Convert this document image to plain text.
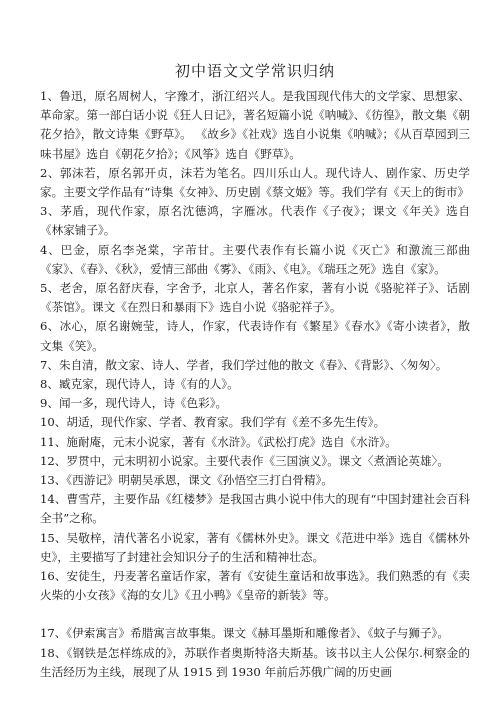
初中语文文学常识归纳

1、鲁迅，原名周树人，字豫才，浙江绍兴人。是我国现代伟大的文学家、思想家、革命家。第一部白话小说《狂人日记》，著名短篇小说《呐喊》、《彷徨》，散文集《朝花夕拾》，散文诗集《野草》。 《故乡》《社戏》选自小说集《呐喊》；《从百草园到三味书屋》选自《朝花夕拾》；《风筝》选自《野草》。

2、郭沫若，原名郭开贞，沫若为笔名。四川乐山人。现代诗人、剧作家、历史学家。主要文学作品有“诗集《女神》、历史剧《蔡文姬》等。我们学有《天上的街市》

3、茅盾，现代作家，原名沈德鸿，字雁冰。代表作《子夜》；课文《年关》选自《林家铺子》。

4、巴金，原名李尧棠，字芾甘。主要代表作有长篇小说《灭亡》和激流三部曲《家》、《春》、《秋》，爱情三部曲《雾》、《雨》、《电》。《瑞珏之死》选自《家》。

5、老舍，原名舒庆春，字舍予，北京人，著名作家，著有小说《骆驼祥子》、话剧《茶馆》。课文《在烈日和暴雨下》选自小说《骆驼祥子》。

6、冰心，原名谢婉莹，诗人，作家，代表诗作有《繁星》《春水》《寄小读者》，散文集《笑》。

7、朱自清，散文家、诗人、学者，我们学过他的散文《春》、《背影》、〈匆匆〉。

8、臧克家，现代诗人，诗《有的人》。

9、闻一多，现代诗人，诗《色彩》。

10、胡适，现代作家、学者、教育家。我们学有《差不多先生传》。

11、施耐庵，元末小说家，著有《水浒》。《武松打虎》选自《水浒》。

12、罗贯中，元末明初小说家。主要代表作《三国演义》。课文〈煮酒论英雄〉。

13、《西游记》明朝吴承恩，课文《孙悟空三打白骨精》。

14、曹雪芹，主要作品《红楼梦》是我国古典小说中伟大的现有“中国封建社会百科全书”之称。

15、吴敬梓，清代著名小说家，著有《儒林外史》。课文《范进中举》选自《儒林外史》，主要描写了封建社会知识分子的生活和精神壮态。

16、安徒生，丹麦著名童话作家，著有《安徒生童话和故事选》。我们熟悉的有《卖火柴的小女孩》《海的女儿》《丑小鸭》《皇帝的新装》等。

17、《伊索寓言》希腊寓言故事集。课文《赫耳墨斯和雕像者》、《蚊子与狮子》。

18、《钢铁是怎样练成的》，苏联作者奥斯特洛夫斯基。该书以主人公保尔.柯察金的生活经历为主线，展现了从 1915 到 1930 年前后苏俄广阔的历史画
